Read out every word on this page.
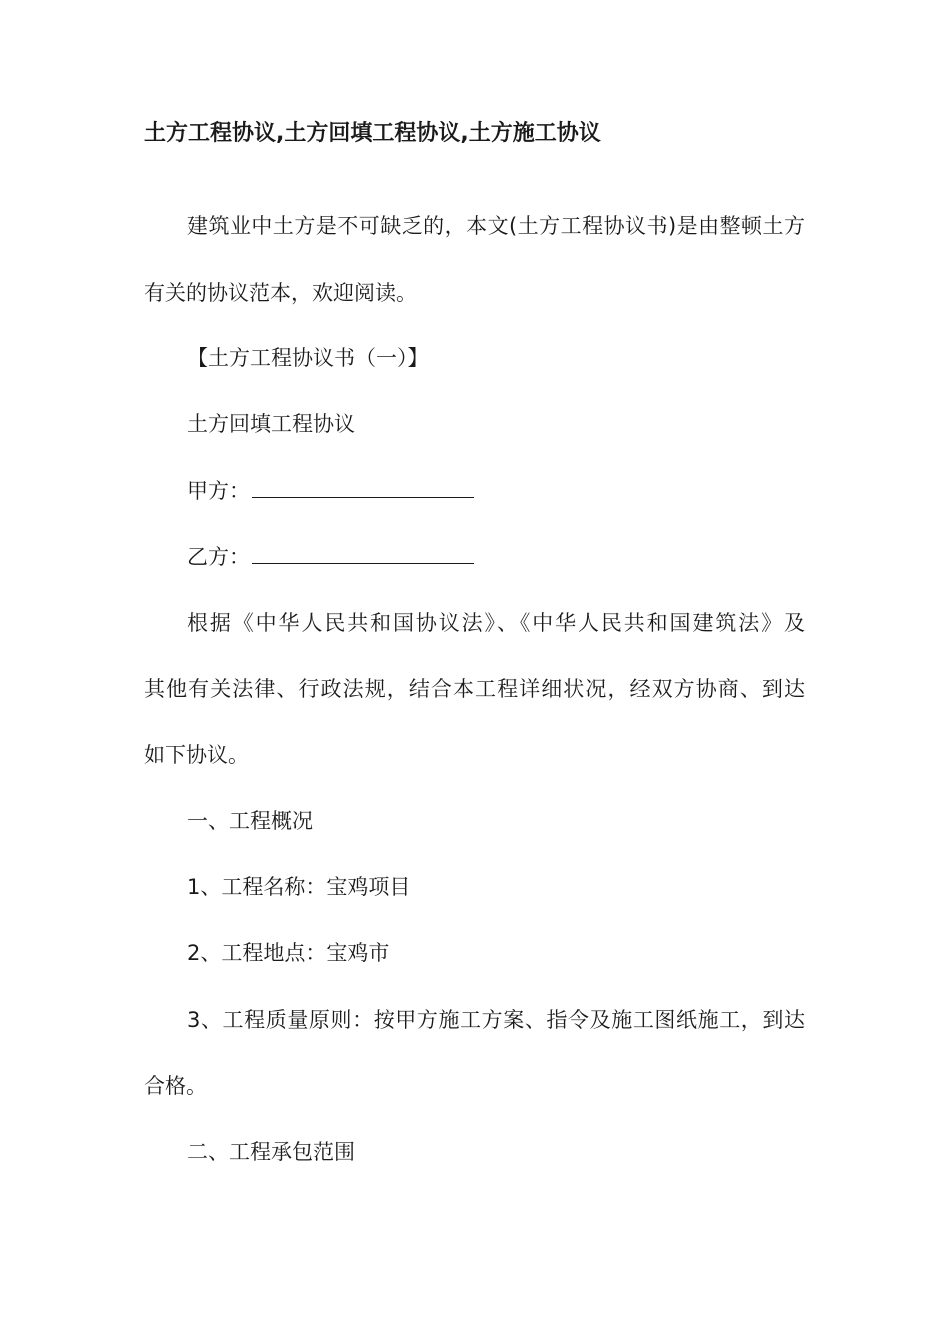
土方工程协议,土方回填工程协议,土方施工协议
建筑业中土方是不可缺乏的，本文(土方工程协议书)是由整顿土方
有关的协议范本，欢迎阅读。
【土方工程协议书（一）】
土方回填工程协议
甲方：
乙方：
根据《中华人民共和国协议法》、《中华人民共和国建筑法》及
其他有关法律、行政法规，结合本工程详细状况，经双方协商、到达
如下协议。
一、工程概况
1、工程名称：宝鸡项目
2、工程地点：宝鸡市
3、工程质量原则：按甲方施工方案、指令及施工图纸施工，到达
合格。
二、工程承包范围
